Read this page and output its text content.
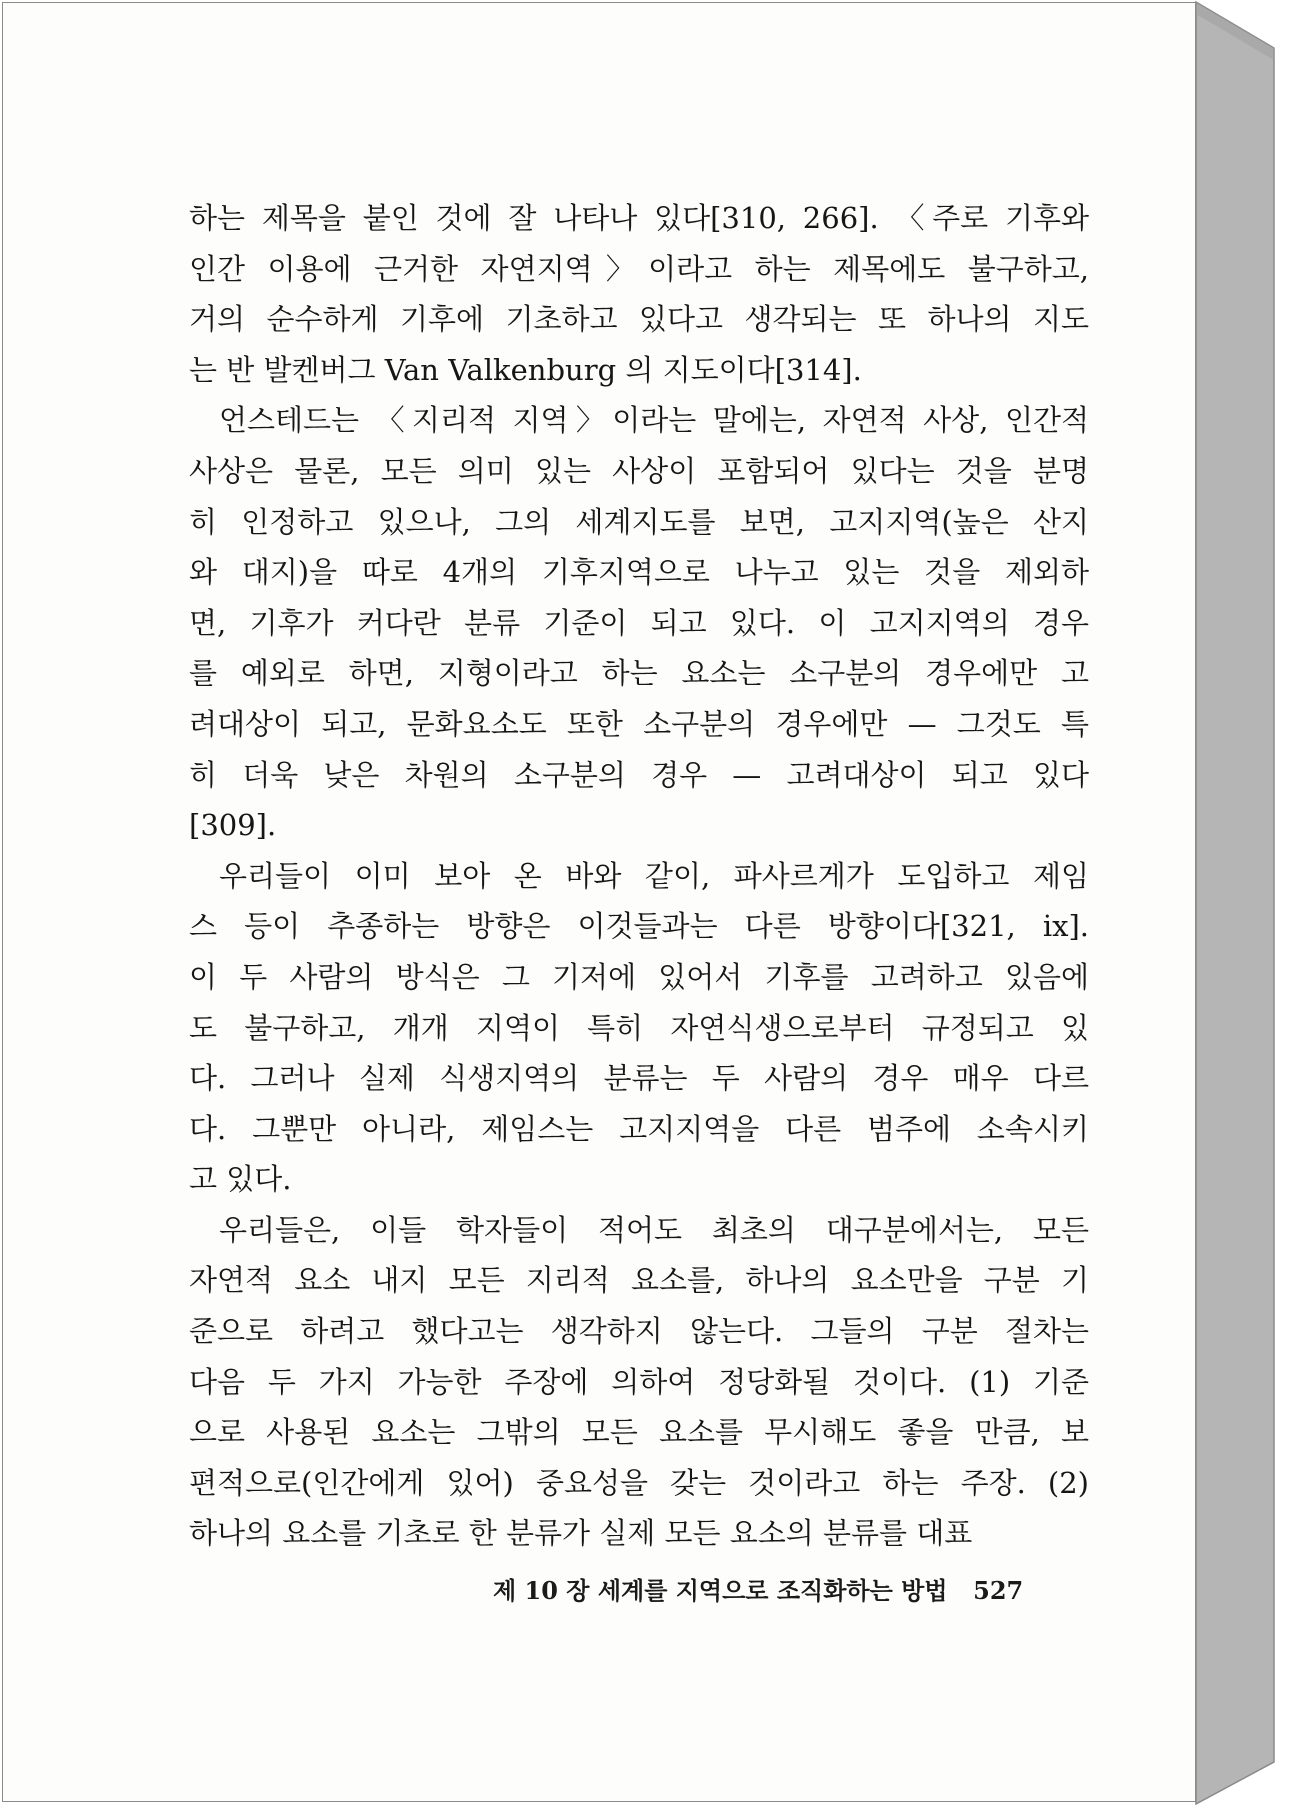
하는 제목을 붙인 것에 잘 나타나 있다[310, 266]. 〈주로 기후와
인간 이용에 근거한 자연지역〉이라고 하는 제목에도 불구하고,
거의 순수하게 기후에 기초하고 있다고 생각되는 또 하나의 지도
는 반 발켄버그 Van Valkenburg 의 지도이다[314].
언스테드는 〈지리적 지역〉이라는 말에는, 자연적 사상, 인간적
사상은 물론, 모든 의미 있는 사상이 포함되어 있다는 것을 분명
히 인정하고 있으나, 그의 세계지도를 보면, 고지지역(높은 산지
와 대지)을 따로 4개의 기후지역으로 나누고 있는 것을 제외하
면, 기후가 커다란 분류 기준이 되고 있다. 이 고지지역의 경우
를 예외로 하면, 지형이라고 하는 요소는 소구분의 경우에만 고
려대상이 되고, 문화요소도 또한 소구분의 경우에만 — 그것도 특
히 더욱 낮은 차원의 소구분의 경우 — 고려대상이 되고 있다
[309].
우리들이 이미 보아 온 바와 같이, 파사르게가 도입하고 제임
스 등이 추종하는 방향은 이것들과는 다른 방향이다[321, ix].
이 두 사람의 방식은 그 기저에 있어서 기후를 고려하고 있음에
도 불구하고, 개개 지역이 특히 자연식생으로부터 규정되고 있
다. 그러나 실제 식생지역의 분류는 두 사람의 경우 매우 다르
다. 그뿐만 아니라, 제임스는 고지지역을 다른 범주에 소속시키
고 있다.
우리들은, 이들 학자들이 적어도 최초의 대구분에서는, 모든
자연적 요소 내지 모든 지리적 요소를, 하나의 요소만을 구분 기
준으로 하려고 했다고는 생각하지 않는다. 그들의 구분 절차는
다음 두 가지 가능한 주장에 의하여 정당화될 것이다. (1) 기준
으로 사용된 요소는 그밖의 모든 요소를 무시해도 좋을 만큼, 보
편적으로(인간에게 있어) 중요성을 갖는 것이라고 하는 주장. (2)
하나의 요소를 기초로 한 분류가 실제 모든 요소의 분류를 대표
제 10 장 세계를 지역으로 조직화하는 방법 527
